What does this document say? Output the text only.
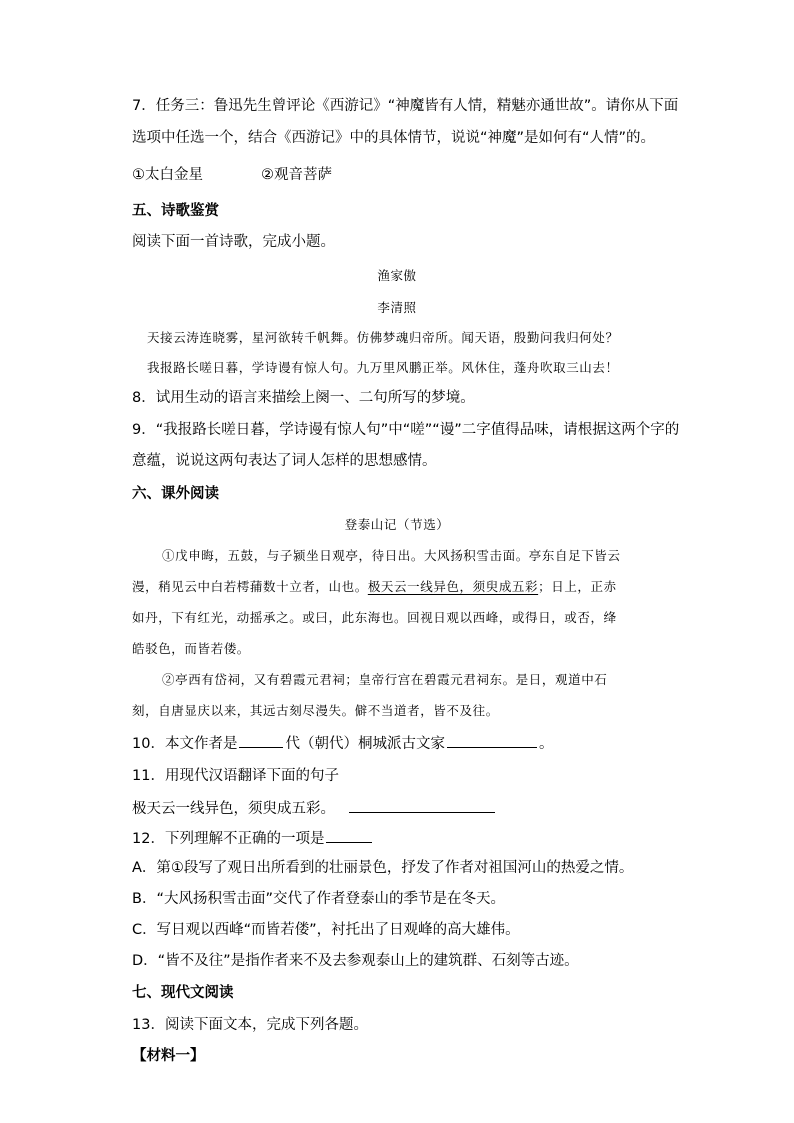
7．任务三：鲁迅先生曾评论《西游记》“神魔皆有人情，精魅亦通世故”。请你从下面
选项中任选一个，结合《西游记》中的具体情节，说说“神魔”是如何有“人情”的。
①太白金星	②观音菩萨
五、诗歌鉴赏
阅读下面一首诗歌，完成小题。
渔家傲
李清照
天接云涛连晓雾，星河欲转千帆舞。仿佛梦魂归帝所。闻天语，殷勤问我归何处？
我报路长嗟日暮，学诗谩有惊人句。九万里风鹏正举。风休住，蓬舟吹取三山去！
8．试用生动的语言来描绘上阕一、二句所写的梦境。
9．“我报路长嗟日暮，学诗谩有惊人句”中“嗟”“谩”二字值得品味，请根据这两个字的
意蕴，说说这两句表达了词人怎样的思想感情。
六、课外阅读
登泰山记（节选）
①戊申晦，五鼓，与子颍坐日观亭，待日出。大风扬积雪击面。亭东自足下皆云
漫，稍见云中白若樗蒱数十立者，山也。极天云一线异色，须臾成五彩；日上，正赤
如丹，下有红光，动摇承之。或曰，此东海也。回视日观以西峰，或得日，或否，绛
皓驳色，而皆若偻。
②亭西有岱祠，又有碧霞元君祠；皇帝行宫在碧霞元君祠东。是日，观道中石
刻，自唐显庆以来，其远古刻尽漫失。僻不当道者，皆不及往。
10．本文作者是	代（朝代）桐城派古文家	。
11．用现代汉语翻译下面的句子
极天云一线异色，须臾成五彩。
12．下列理解不正确的一项是
A．第①段写了观日出所看到的壮丽景色，抒发了作者对祖国河山的热爱之情。
B．“大风扬积雪击面”交代了作者登泰山的季节是在冬天。
C．写日观以西峰“而皆若偻”，衬托出了日观峰的高大雄伟。
D．“皆不及往”是指作者来不及去参观泰山上的建筑群、石刻等古迹。
七、现代文阅读
13．阅读下面文本，完成下列各题。
【材料一】
